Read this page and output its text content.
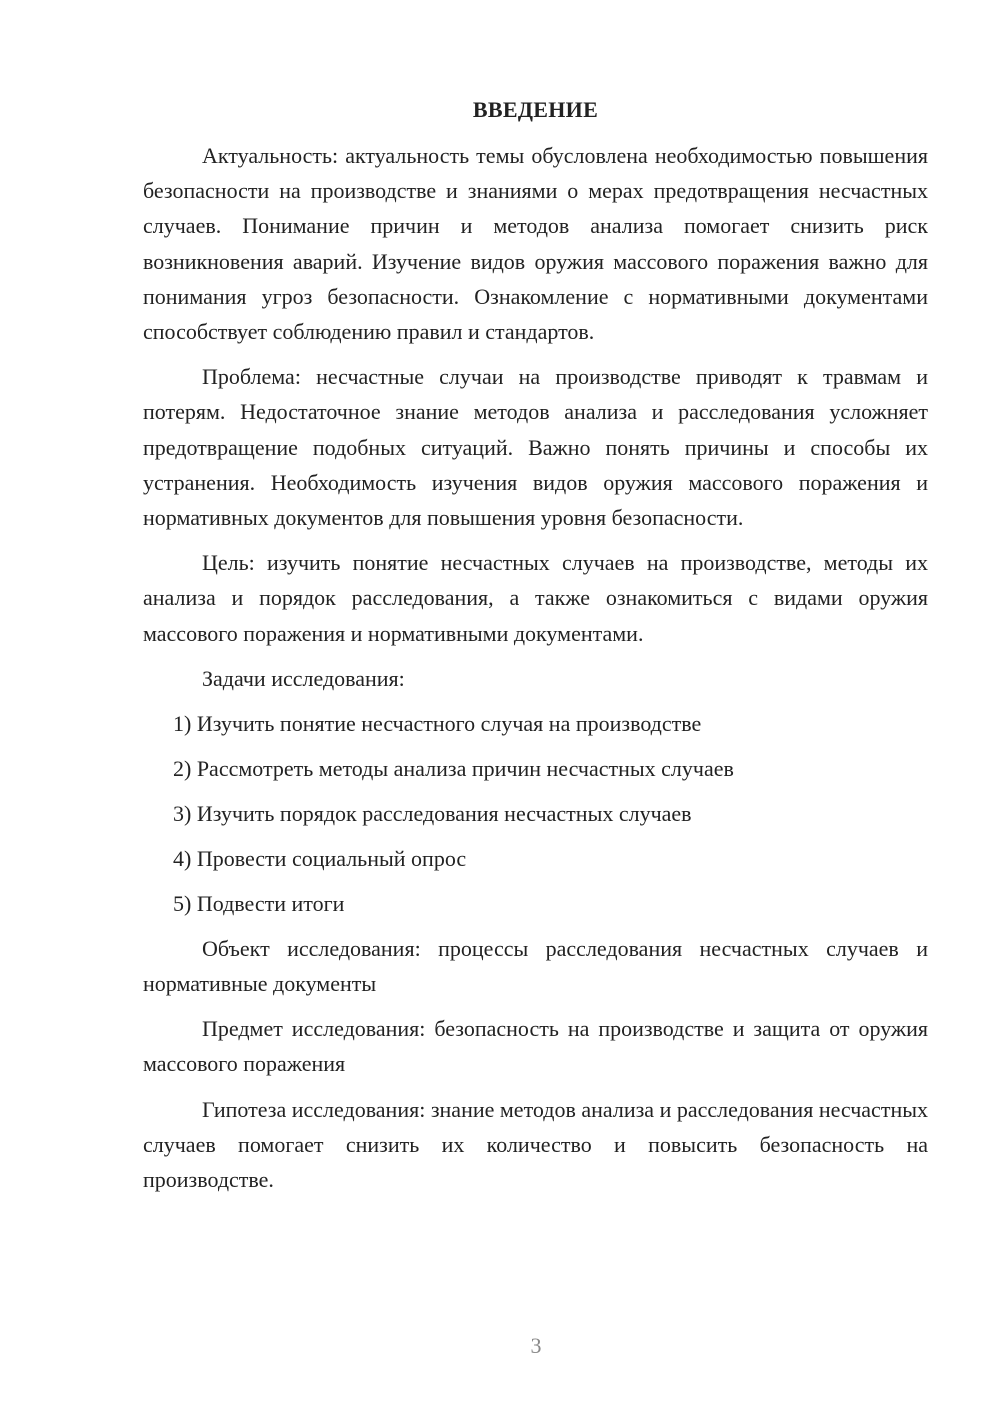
ВВЕДЕНИЕ

Актуальность: актуальность темы обусловлена необходимостью повышения безопасности на производстве и знаниями о мерах предотвращения несчастных случаев. Понимание причин и методов анализа помогает снизить риск возникновения аварий. Изучение видов оружия массового поражения важно для понимания угроз безопасности. Ознакомление с нормативными документами способствует соблюдению правил и стандартов.

Проблема: несчастные случаи на производстве приводят к травмам и потерям. Недостаточное знание методов анализа и расследования усложняет предотвращение подобных ситуаций. Важно понять причины и способы их устранения. Необходимость изучения видов оружия массового поражения и нормативных документов для повышения уровня безопасности.

Цель: изучить понятие несчастных случаев на производстве, методы их анализа и порядок расследования, а также ознакомиться с видами оружия массового поражения и нормативными документами.

Задачи исследования:

1) Изучить понятие несчастного случая на производстве
2) Рассмотреть методы анализа причин несчастных случаев
3) Изучить порядок расследования несчастных случаев
4) Провести социальный опрос
5) Подвести итоги

Объект исследования: процессы расследования несчастных случаев и нормативные документы

Предмет исследования: безопасность на производстве и защита от оружия массового поражения

Гипотеза исследования: знание методов анализа и расследования несчастных случаев помогает снизить их количество и повысить безопасность на производстве.

3
